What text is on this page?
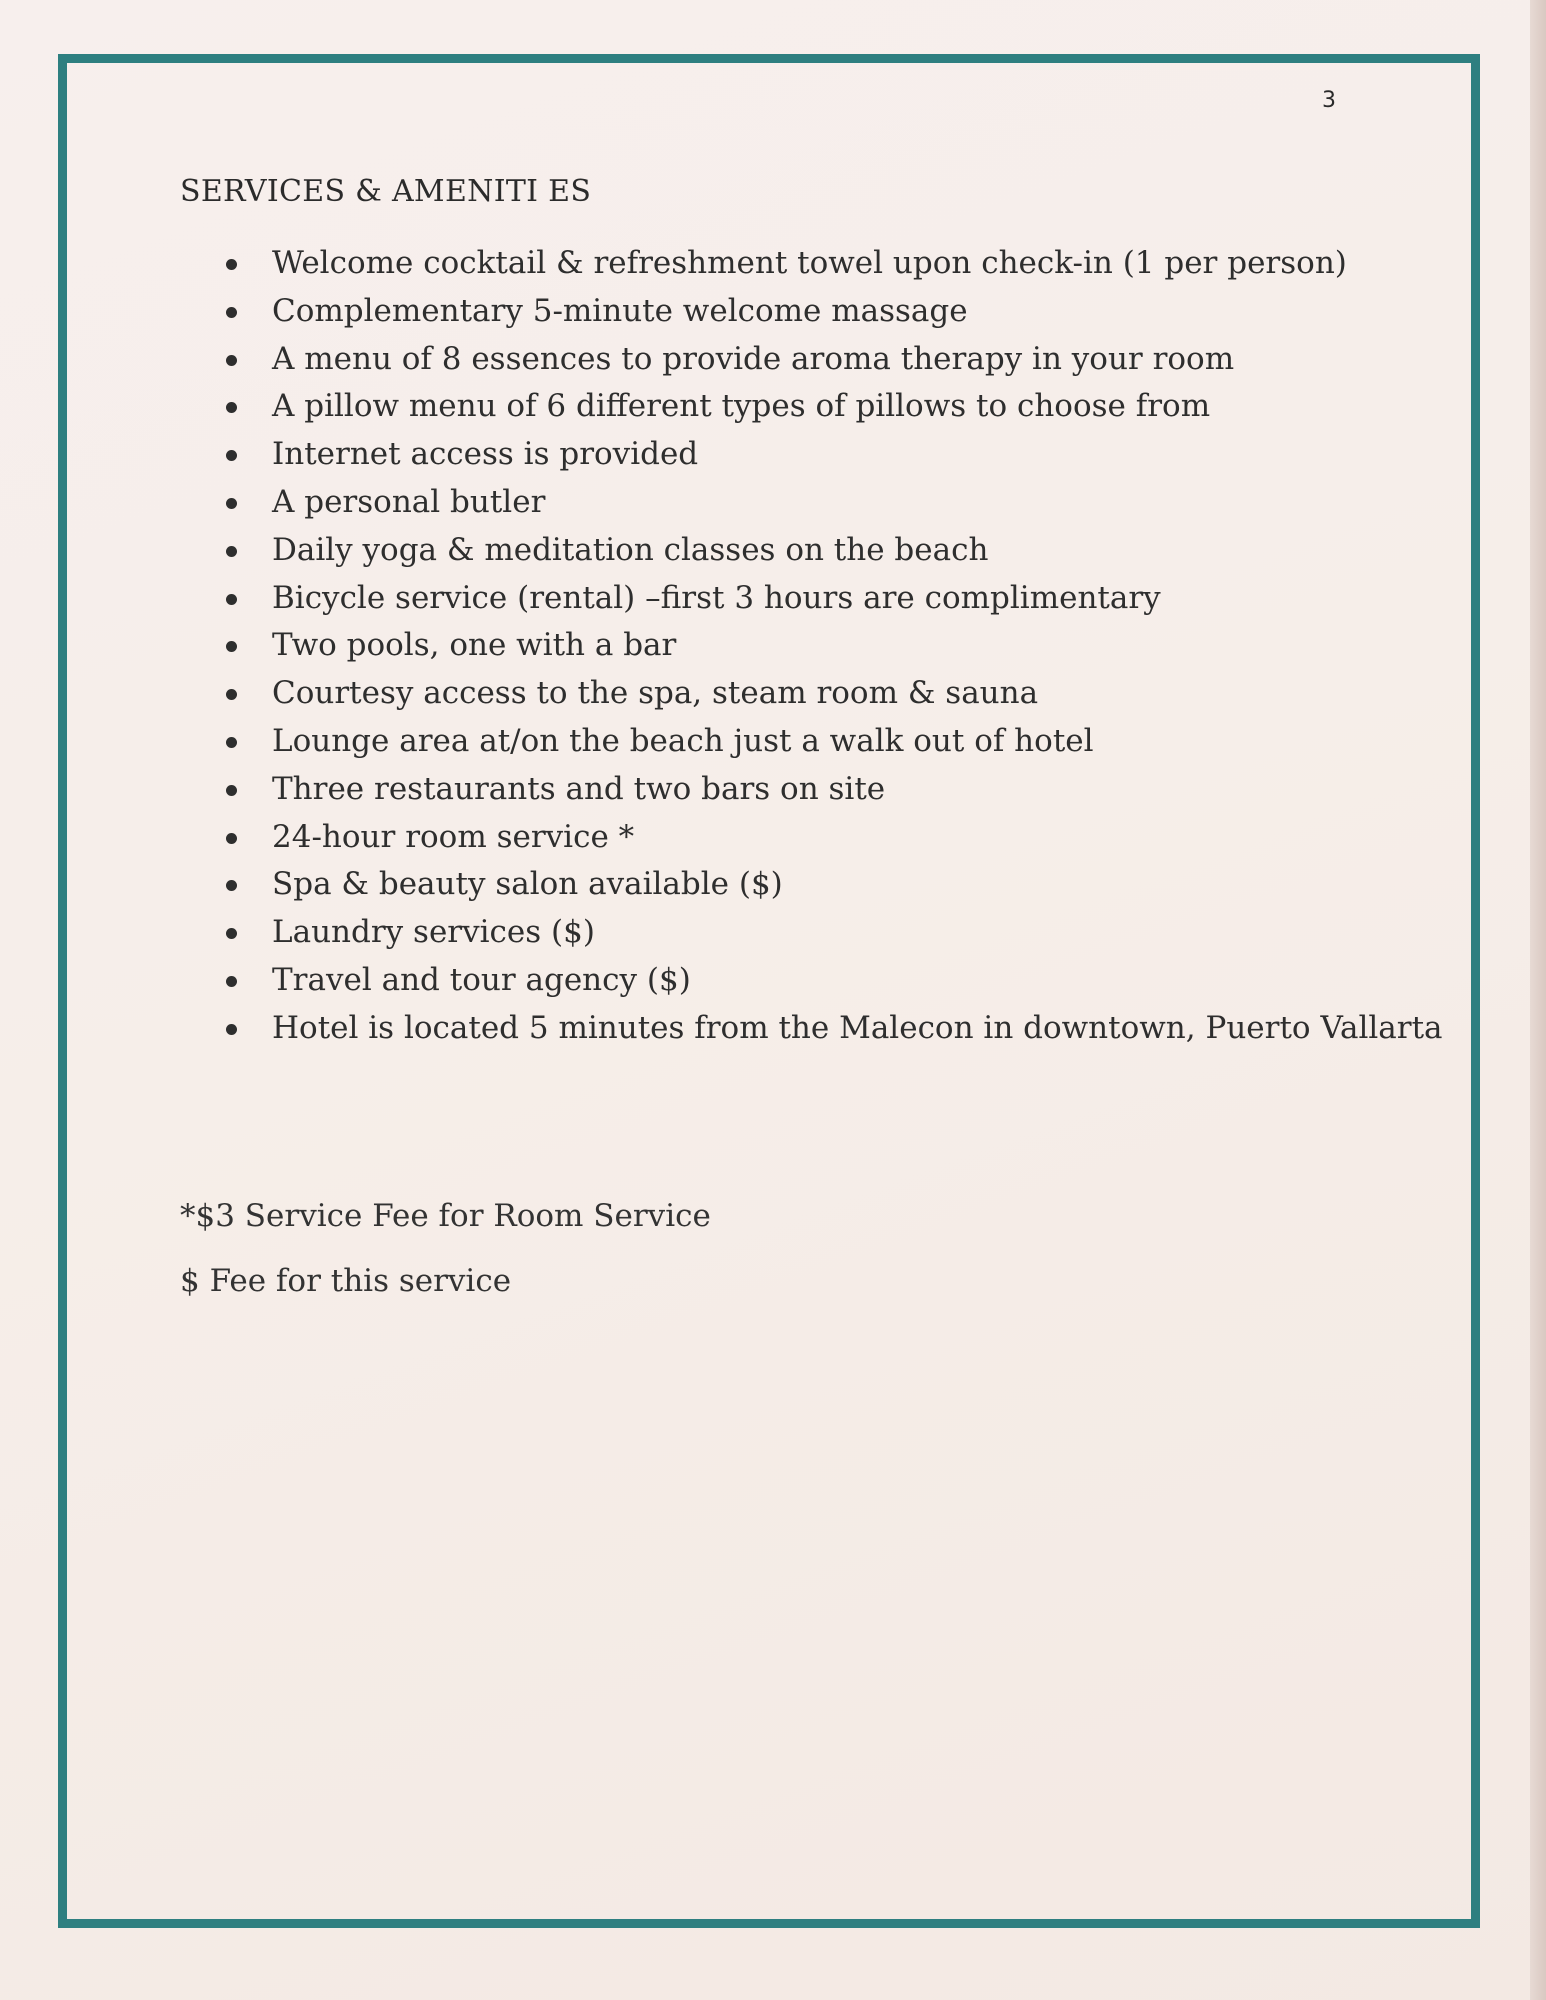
3
SERVICES & AMENITI ES
Welcome cocktail & refreshment towel upon check-in (1 per person)
Complementary 5-minute welcome massage
A menu of 8 essences to provide aroma therapy in your room
A pillow menu of 6 different types of pillows to choose from
Internet access is provided
A personal butler
Daily yoga & meditation classes on the beach
Bicycle service (rental) –first 3 hours are complimentary
Two pools, one with a bar
Courtesy access to the spa, steam room & sauna
Lounge area at/on the beach just a walk out of hotel
Three restaurants and two bars on site
24-hour room service *
Spa & beauty salon available ($)
Laundry services ($)
Travel and tour agency ($)
Hotel is located 5 minutes from the Malecon in downtown, Puerto Vallarta
*$3 Service Fee for Room Service
$ Fee for this service
